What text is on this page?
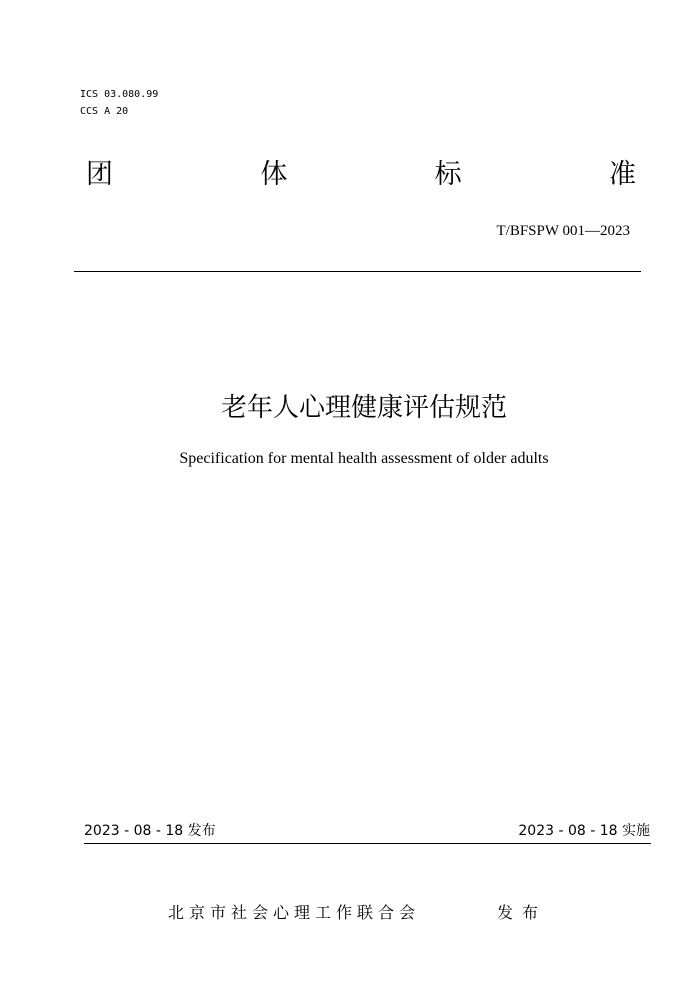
ICS 03.080.99
CCS A 20
团	体	标	准
T/BFSPW 001—2023
老年人心理健康评估规范
Specification for mental health assessment of older adults
2023 - 08 - 18 发布	2023 - 08 - 18 实施
北京市社会心理工作联合会	发布
